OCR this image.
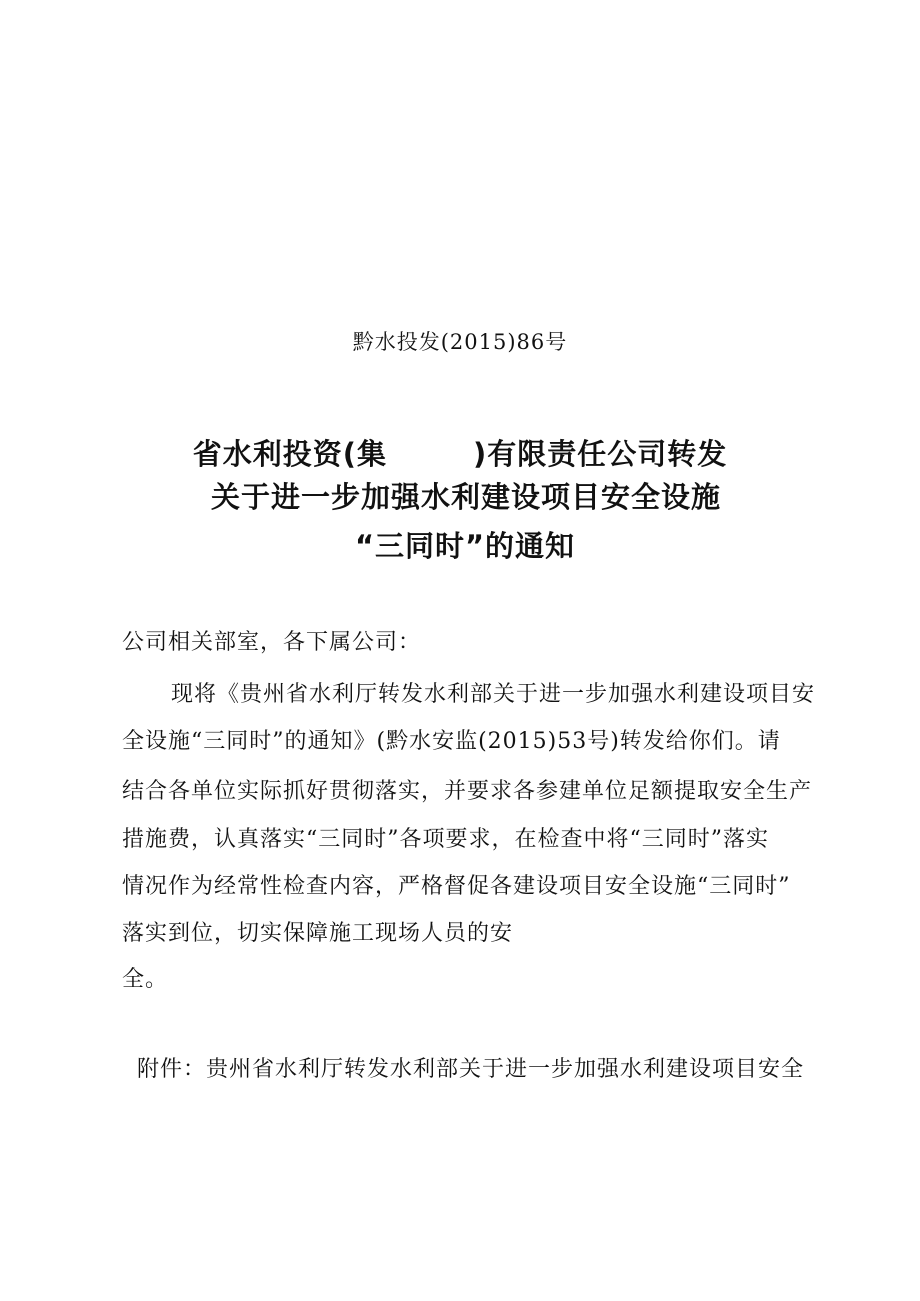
黔水投发(2015)86号
省水利投资(集	)有限责任公司转发
关于进一步加强水利建设项目安全设施
“三同时”的通知
公司相关部室，各下属公司：
现将《贵州省水利厅转发水利部关于进一步加强水利建设项目安
全设施“三同时”的通知》(黔水安监(2015)53号)转发给你们。请
结合各单位实际抓好贯彻落实，并要求各参建单位足额提取安全生产
措施费，认真落实“三同时”各项要求，在检查中将“三同时”落实
情况作为经常性检查内容，严格督促各建设项目安全设施“三同时”
落实到位，切实保障施工现场人员的安
全。
附件：贵州省水利厅转发水利部关于进一步加强水利建设项目安全
